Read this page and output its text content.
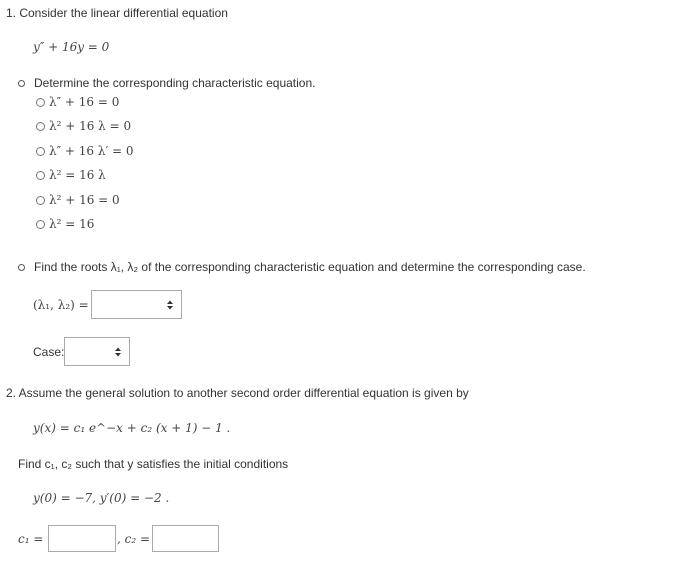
1. Consider the linear differential equation
y″ + 16y = 0
Determine the corresponding characteristic equation.
λ″ + 16 = 0
λ² + 16 λ = 0
λ″ + 16 λ′ = 0
λ² = 16 λ
λ² + 16 = 0
λ² = 16
Find the roots λ₁, λ₂ of the corresponding characteristic equation and determine the corresponding case.
(λ₁, λ₂) =
Case:
2. Assume the general solution to another second order differential equation is given by
y(x) = c₁ e^−x + c₂ (x + 1) − 1 .
Find c₁, c₂ such that y satisfies the initial conditions
y(0) = −7, y′(0) = −2 .
c₁ =	, c₂ =
